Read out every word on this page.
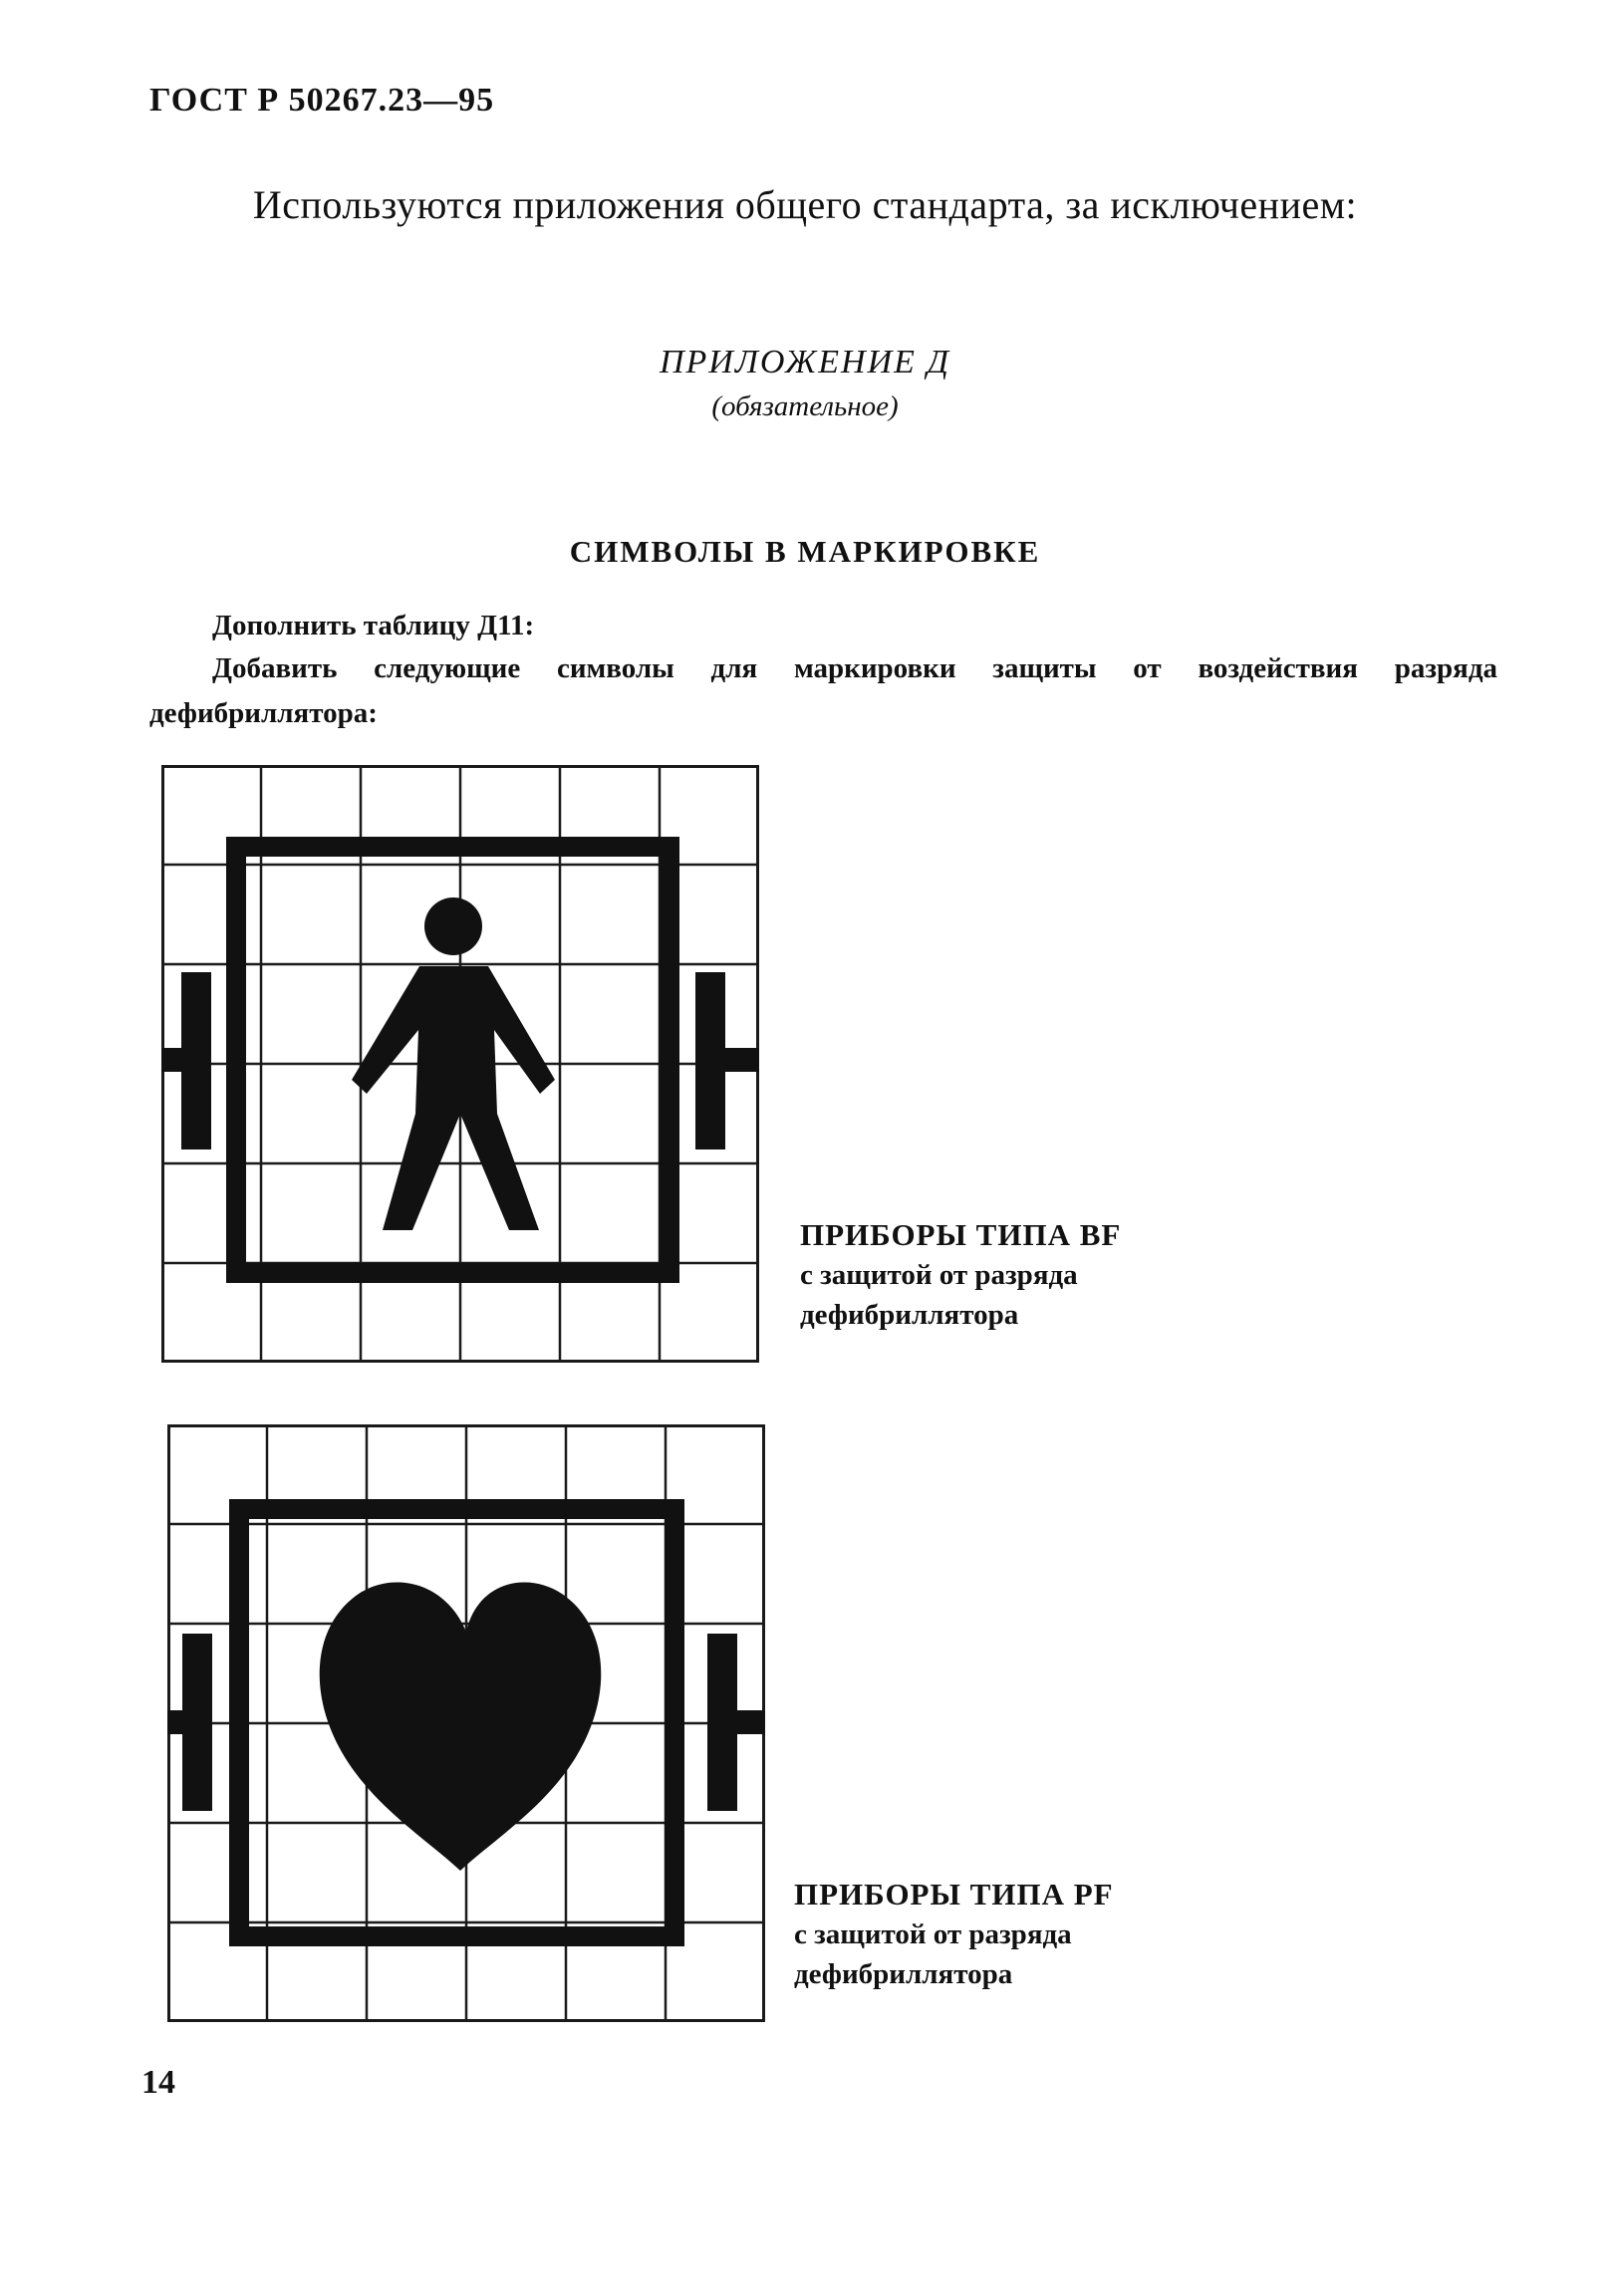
ГОСТ Р 50267.23—95
Используются приложения общего стандарта, за исключением:
ПРИЛОЖЕНИЕ Д
(обязательное)
СИМВОЛЫ В МАРКИРОВКЕ
Дополнить таблицу Д11:
Добавить следующие символы для маркировки защиты от воздействия разряда
дефибриллятора:
ПРИБОРЫ ТИПА BF
с защитой от разряда
дефибриллятора
ПРИБОРЫ ТИПА PF
с защитой от разряда
дефибриллятора
14
